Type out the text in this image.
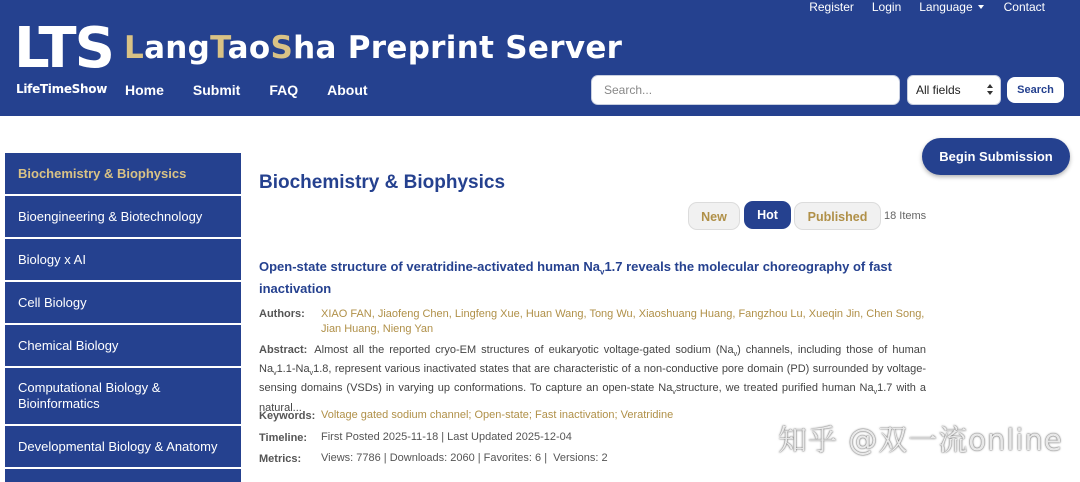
LTS
LifeTimeShow
LangTaoSha Preprint Server
Register Login Language	Contact
Home Submit FAQ About	Search...	All fields	Search
Biochemistry & Biophysics
Bioengineering & Biotechnology
Biology x AI
Cell Biology
Chemical Biology
Computational Biology & Bioinformatics
Developmental Biology & Anatomy
Begin Submission
Biochemistry & Biophysics
New	Hot	Published	18 Items
Open-state structure of veratridine-activated human $Na_v1.7$ reveals the molecular choreography of fast inactivation
Authors: XIAO FAN, Jiaofeng Chen, Lingfeng Xue, Huan Wang, Tong Wu, Xiaoshuang Huang, Fangzhou Lu, Xueqin Jin, Chen Song, Jian Huang, Nieng Yan
Abstract: Almost all the reported cryo-EM structures of eukaryotic voltage-gated sodium $(Na_v)$ channels, including those of human $Na_v1.1-Na_v1.8$, represent various inactivated states that are characteristic of a non-conductive pore domain (PD) surrounded by voltage-sensing domains (VSDs) in varying up conformations. To capture an open-state $Na_vstructure$, we treated purified human $Na_v1.7$ with a natural...
Keywords: Voltage gated sodium channel; Open-state; Fast inactivation; Veratridine
Timeline: First Posted 2025-11-18 | Last Updated 2025-12-04
Metrics: Views: 7786 | Downloads: 2060 | Favorites: 6 |  Versions: 2
知乎 @双一流online
